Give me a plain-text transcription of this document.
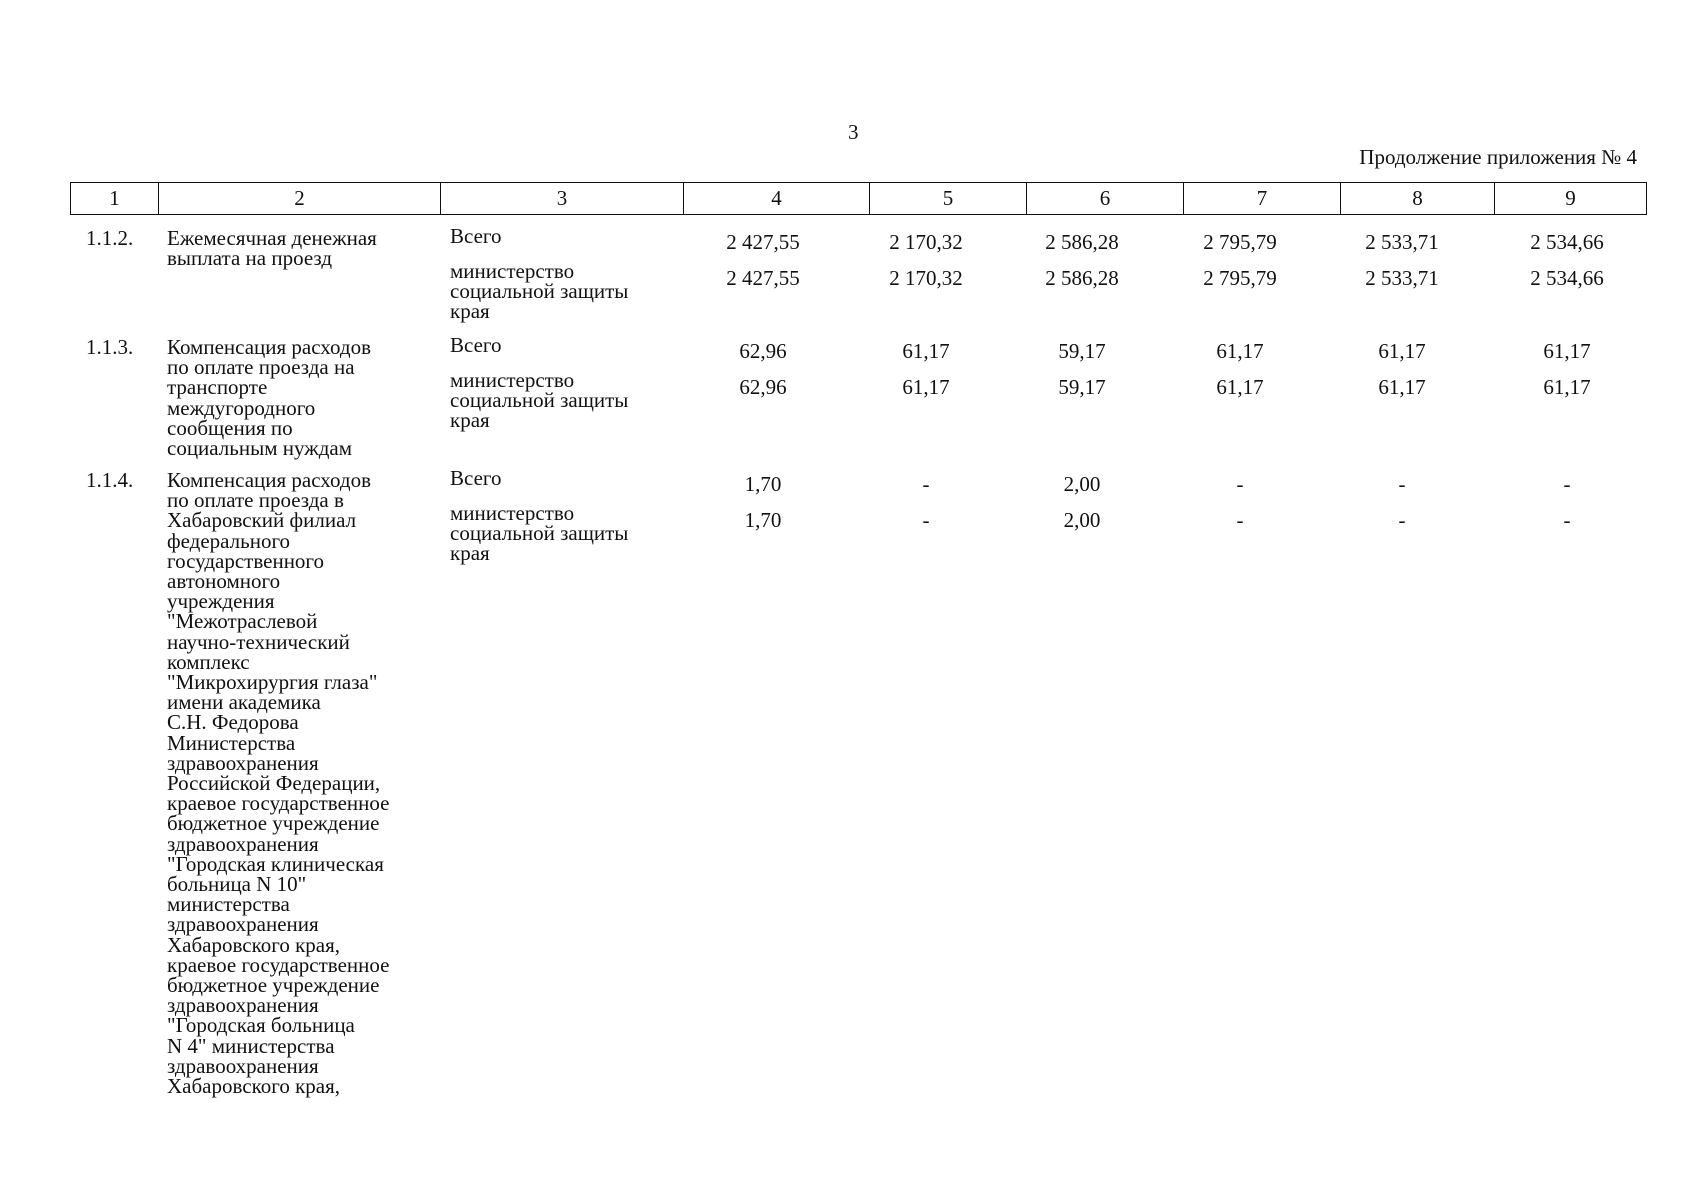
3
Продолжение приложения № 4
1	2	3	4	5	6	7	8	9
1.1.2. Ежемесячная денежная
выплата на проезд
Всего	2 427,55	2 170,32	2 586,28	2 795,79	2 533,71	2 534,66
министерство
социальной защиты
края
2 427,55	2 170,32	2 586,28	2 795,79	2 533,71	2 534,66
1.1.3. Компенсация расходов
по оплате проезда на
транспорте
междугородного
сообщения по
социальным нуждам
Всего	62,96	61,17	59,17	61,17	61,17	61,17
министерство
социальной защиты
края
62,96	61,17	59,17	61,17	61,17	61,17
1.1.4. Компенсация расходов
по оплате проезда в
Хабаровский филиал
федерального
государственного
автономного
учреждения
"Межотраслевой
научно-технический
комплекс
"Микрохирургия глаза"
имени академика
С.Н. Федорова
Министерства
здравоохранения
Российской Федерации,
краевое государственное
бюджетное учреждение
здравоохранения
"Городская клиническая
больница N 10"
министерства
здравоохранения
Хабаровского края,
краевое государственное
бюджетное учреждение
здравоохранения
"Городская больница
N 4" министерства
здравоохранения
Хабаровского края,
Всего	1,70	-	2,00	-	-	-
министерство
социальной защиты
края
1,70	-	2,00	-	-	-
